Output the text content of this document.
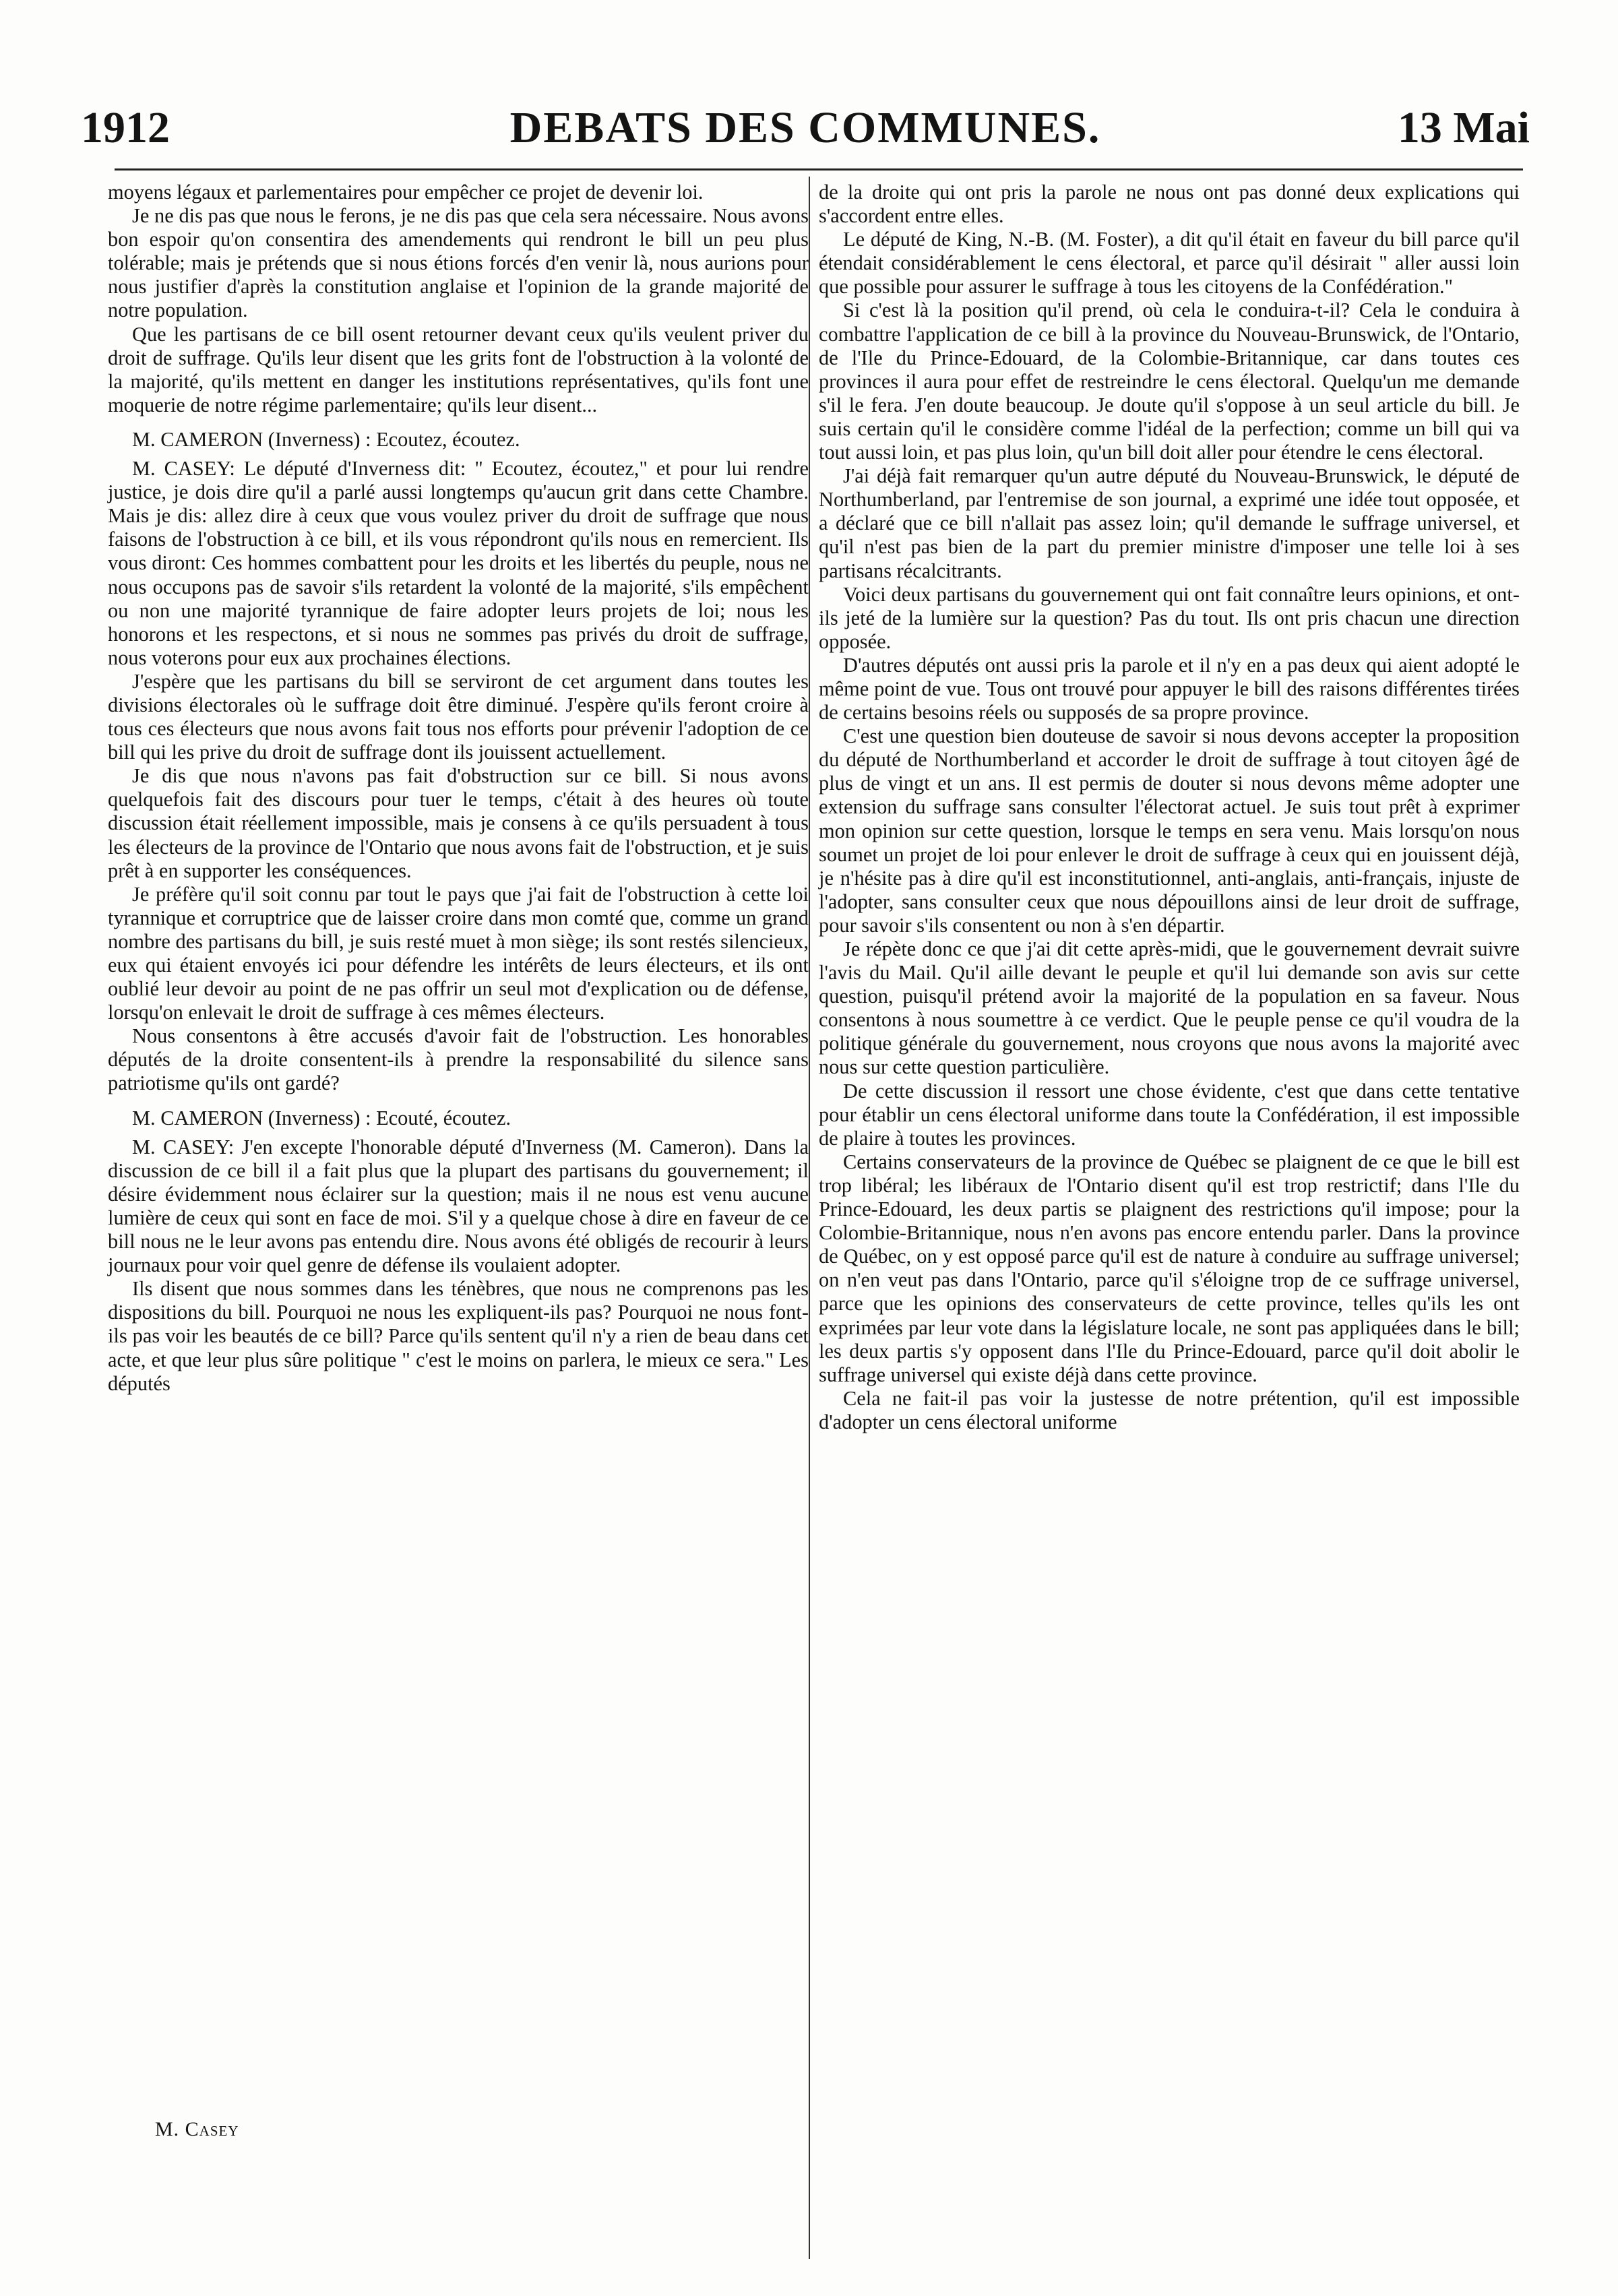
1912	DEBATS DES COMMUNES.	13 Mai

moyens légaux et parlementaires pour empêcher ce projet de devenir loi.

Je ne dis pas que nous le ferons, je ne dis pas que cela sera nécessaire. Nous avons bon espoir qu'on consentira des amendements qui rendront le bill un peu plus tolérable; mais je prétends que si nous étions forcés d'en venir là, nous aurions pour nous justifier d'après la constitution anglaise et l'opinion de la grande majorité de notre population.

Que les partisans de ce bill osent retourner devant ceux qu'ils veulent priver du droit de suffrage. Qu'ils leur disent que les grits font de l'obstruction à la volonté de la majorité, qu'ils mettent en danger les institutions représentatives, qu'ils font une moquerie de notre régime parlementaire; qu'ils leur disent...

M. CAMERON (Inverness) : Ecoutez, écoutez.

M. CASEY: Le député d'Inverness dit: " Ecoutez, écoutez," et pour lui rendre justice, je dois dire qu'il a parlé aussi longtemps qu'aucun grit dans cette Chambre. Mais je dis: allez dire à ceux que vous voulez priver du droit de suffrage que nous faisons de l'obstruction à ce bill, et ils vous répondront qu'ils nous en remercient. Ils vous diront: Ces hommes combattent pour les droits et les libertés du peuple, nous ne nous occupons pas de savoir s'ils retardent la volonté de la majorité, s'ils empêchent ou non une majorité tyrannique de faire adopter leurs projets de loi; nous les honorons et les respectons, et si nous ne sommes pas privés du droit de suffrage, nous voterons pour eux aux prochaines élections.

J'espère que les partisans du bill se serviront de cet argument dans toutes les divisions électorales où le suffrage doit être diminué. J'espère qu'ils feront croire à tous ces électeurs que nous avons fait tous nos efforts pour prévenir l'adoption de ce bill qui les prive du droit de suffrage dont ils jouissent actuellement.

Je dis que nous n'avons pas fait d'obstruction sur ce bill. Si nous avons quelquefois fait des discours pour tuer le temps, c'était à des heures où toute discussion était réellement impossible, mais je consens à ce qu'ils persuadent à tous les électeurs de la province de l'Ontario que nous avons fait de l'obstruction, et je suis prêt à en supporter les conséquences.

Je préfère qu'il soit connu par tout le pays que j'ai fait de l'obstruction à cette loi tyrannique et corruptrice que de laisser croire dans mon comté que, comme un grand nombre des partisans du bill, je suis resté muet à mon siège; ils sont restés silencieux, eux qui étaient envoyés ici pour défendre les intérêts de leurs électeurs, et ils ont oublié leur devoir au point de ne pas offrir un seul mot d'explication ou de défense, lorsqu'on enlevait le droit de suffrage à ces mêmes électeurs.

Nous consentons à être accusés d'avoir fait de l'obstruction. Les honorables députés de la droite consentent-ils à prendre la responsabilité du silence sans patriotisme qu'ils ont gardé?

M. CAMERON (Inverness) : Ecouté, écoutez.

M. CASEY: J'en excepte l'honorable député d'Inverness (M. Cameron). Dans la discussion de ce bill il a fait plus que la plupart des partisans du gouvernement; il désire évidemment nous éclairer sur la question; mais il ne nous est venu aucune lumière de ceux qui sont en face de moi. S'il y a quelque chose à dire en faveur de ce bill nous ne le leur avons pas entendu dire. Nous avons été obligés de recourir à leurs journaux pour voir quel genre de défense ils voulaient adopter.

Ils disent que nous sommes dans les ténèbres, que nous ne comprenons pas les dispositions du bill. Pourquoi ne nous les expliquent-ils pas? Pourquoi ne nous font-ils pas voir les beautés de ce bill? Parce qu'ils sentent qu'il n'y a rien de beau dans cet acte, et que leur plus sûre politique " c'est le moins on parlera, le mieux ce sera." Les députés

de la droite qui ont pris la parole ne nous ont pas donné deux explications qui s'accordent entre elles.

Le député de King, N.-B. (M. Foster), a dit qu'il était en faveur du bill parce qu'il étendait considérablement le cens électoral, et parce qu'il désirait " aller aussi loin que possible pour assurer le suffrage à tous les citoyens de la Confédération."

Si c'est là la position qu'il prend, où cela le conduira-t-il? Cela le conduira à combattre l'application de ce bill à la province du Nouveau-Brunswick, de l'Ontario, de l'Ile du Prince-Edouard, de la Colombie-Britannique, car dans toutes ces provinces il aura pour effet de restreindre le cens électoral. Quelqu'un me demande s'il le fera. J'en doute beaucoup. Je doute qu'il s'oppose à un seul article du bill. Je suis certain qu'il le considère comme l'idéal de la perfection; comme un bill qui va tout aussi loin, et pas plus loin, qu'un bill doit aller pour étendre le cens électoral.

J'ai déjà fait remarquer qu'un autre député du Nouveau-Brunswick, le député de Northumberland, par l'entremise de son journal, a exprimé une idée tout opposée, et a déclaré que ce bill n'allait pas assez loin; qu'il demande le suffrage universel, et qu'il n'est pas bien de la part du premier ministre d'imposer une telle loi à ses partisans récalcitrants.

Voici deux partisans du gouvernement qui ont fait connaître leurs opinions, et ont-ils jeté de la lumière sur la question? Pas du tout. Ils ont pris chacun une direction opposée.

D'autres députés ont aussi pris la parole et il n'y en a pas deux qui aient adopté le même point de vue. Tous ont trouvé pour appuyer le bill des raisons différentes tirées de certains besoins réels ou supposés de sa propre province.

C'est une question bien douteuse de savoir si nous devons accepter la proposition du député de Northumberland et accorder le droit de suffrage à tout citoyen âgé de plus de vingt et un ans. Il est permis de douter si nous devons même adopter une extension du suffrage sans consulter l'électorat actuel. Je suis tout prêt à exprimer mon opinion sur cette question, lorsque le temps en sera venu. Mais lorsqu'on nous soumet un projet de loi pour enlever le droit de suffrage à ceux qui en jouissent déjà, je n'hésite pas à dire qu'il est inconstitutionnel, anti-anglais, anti-français, injuste de l'adopter, sans consulter ceux que nous dépouillons ainsi de leur droit de suffrage, pour savoir s'ils consentent ou non à s'en départir.

Je répète donc ce que j'ai dit cette après-midi, que le gouvernement devrait suivre l'avis du Mail. Qu'il aille devant le peuple et qu'il lui demande son avis sur cette question, puisqu'il prétend avoir la majorité de la population en sa faveur. Nous consentons à nous soumettre à ce verdict. Que le peuple pense ce qu'il voudra de la politique générale du gouvernement, nous croyons que nous avons la majorité avec nous sur cette question particulière.

De cette discussion il ressort une chose évidente, c'est que dans cette tentative pour établir un cens électoral uniforme dans toute la Confédération, il est impossible de plaire à toutes les provinces.

Certains conservateurs de la province de Québec se plaignent de ce que le bill est trop libéral; les libéraux de l'Ontario disent qu'il est trop restrictif; dans l'Ile du Prince-Edouard, les deux partis se plaignent des restrictions qu'il impose; pour la Colombie-Britannique, nous n'en avons pas encore entendu parler. Dans la province de Québec, on y est opposé parce qu'il est de nature à conduire au suffrage universel; on n'en veut pas dans l'Ontario, parce qu'il s'éloigne trop de ce suffrage universel, parce que les opinions des conservateurs de cette province, telles qu'ils les ont exprimées par leur vote dans la législature locale, ne sont pas appliquées dans le bill; les deux partis s'y opposent dans l'Ile du Prince-Edouard, parce qu'il doit abolir le suffrage universel qui existe déjà dans cette province.

Cela ne fait-il pas voir la justesse de notre prétention, qu'il est impossible d'adopter un cens électoral uniforme

M. Casey
